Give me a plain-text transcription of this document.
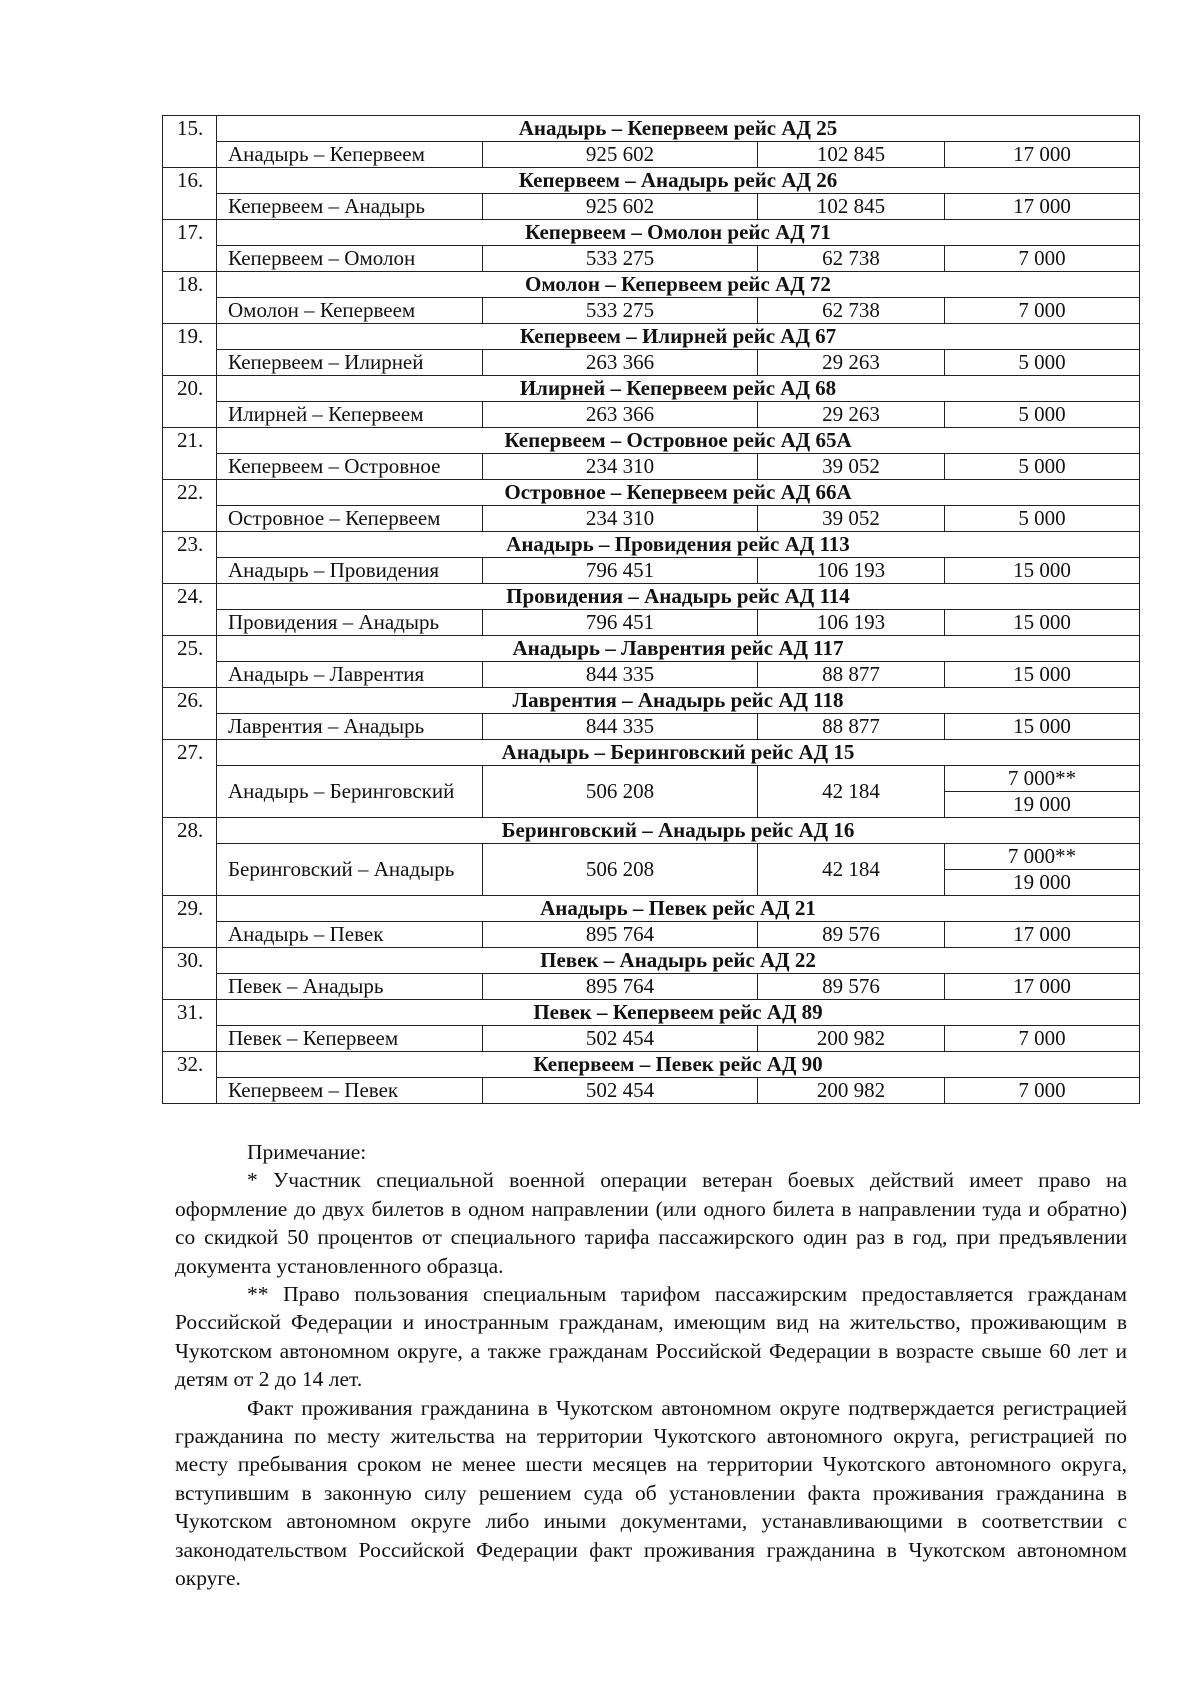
15.	Анадырь – Кепервеем рейс АД 25			
	Анадырь – Кепервеем	925 602	102 845	17 000
16.	Кепервеем – Анадырь рейс АД 26			
	Кепервеем – Анадырь	925 602	102 845	17 000
17.	Кепервеем – Омолон рейс АД 71			
	Кепервеем – Омолон	533 275	62 738	7 000
18.	Омолон – Кепервеем рейс АД 72			
	Омолон – Кепервеем	533 275	62 738	7 000
19.	Кепервеем – Илирней рейс АД 67			
	Кепервеем – Илирней	263 366	29 263	5 000
20.	Илирней – Кепервеем рейс АД 68			
	Илирней – Кепервеем	263 366	29 263	5 000
21.	Кепервеем – Островное рейс АД 65А			
	Кепервеем – Островное	234 310	39 052	5 000
22.	Островное – Кепервеем рейс АД 66А			
	Островное – Кепервеем	234 310	39 052	5 000
23.	Анадырь – Провидения рейс АД 113			
	Анадырь – Провидения	796 451	106 193	15 000
24.	Провидения – Анадырь рейс АД 114			
	Провидения – Анадырь	796 451	106 193	15 000
25.	Анадырь – Лаврентия рейс АД 117			
	Анадырь – Лаврентия	844 335	88 877	15 000
26.	Лаврентия – Анадырь рейс АД 118			
	Лаврентия – Анадырь	844 335	88 877	15 000
27.	Анадырь – Беринговский рейс АД 15			
	Анадырь – Беринговский	506 208	42 184	7 000**
				19 000
28.	Беринговский – Анадырь рейс АД 16			
	Беринговский – Анадырь	506 208	42 184	7 000**
				19 000
29.	Анадырь – Певек рейс АД 21			
	Анадырь – Певек	895 764	89 576	17 000
30.	Певек – Анадырь рейс АД 22			
	Певек – Анадырь	895 764	89 576	17 000
31.	Певек – Кепервеем рейс АД 89			
	Певек – Кепервеем	502 454	200 982	7 000
32.	Кепервеем – Певек рейс АД 90			
	Кепервеем – Певек	502 454	200 982	7 000

Примечание:

* Участник специальной военной операции ветеран боевых действий имеет право на оформление до двух билетов в одном направлении (или одного билета в направлении туда и обратно) со скидкой 50 процентов от специального тарифа пассажирского один раз в год, при предъявлении документа установленного образца.

** Право пользования специальным тарифом пассажирским предоставляется гражданам Российской Федерации и иностранным гражданам, имеющим вид на жительство, проживающим в Чукотском автономном округе, а также гражданам Российской Федерации в возрасте свыше 60 лет и детям от 2 до 14 лет.

Факт проживания гражданина в Чукотском автономном округе подтверждается регистрацией гражданина по месту жительства на территории Чукотского автономного округа, регистрацией по месту пребывания сроком не менее шести месяцев на территории Чукотского автономного округа, вступившим в законную силу решением суда об установлении факта проживания гражданина в Чукотском автономном округе либо иными документами, устанавливающими в соответствии с законодательством Российской Федерации факт проживания гражданина в Чукотском автономном округе.
